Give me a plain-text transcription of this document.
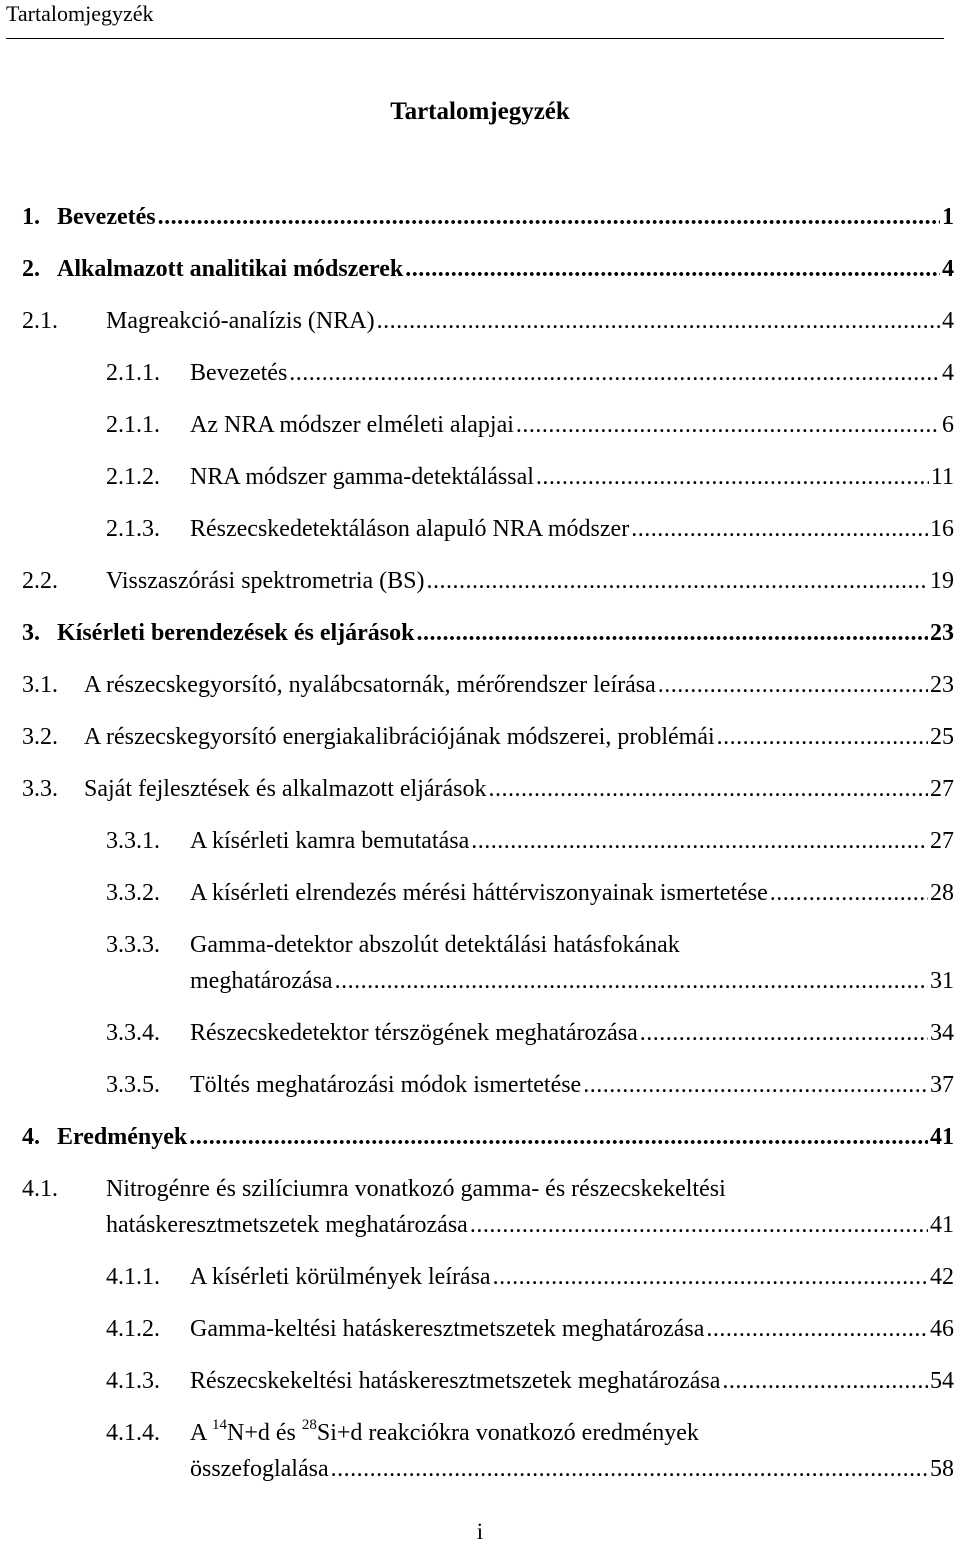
Tartalomjegyzék
Tartalomjegyzék
1. Bevezetés .....	1
2. Alkalmazott analitikai módszerek .....	4
2.1. Magreakció-analízis (NRA) .....	4
2.1.1. Bevezetés .....	4
2.1.1. Az NRA módszer elméleti alapjai .....	6
2.1.2. NRA módszer gamma-detektálással .....	11
2.1.3. Részecskedetektáláson alapuló NRA módszer .....	16
2.2. Visszaszórási spektrometria (BS) .....	19
3. Kísérleti berendezések és eljárások .....	23
3.1. A részecskegyorsító, nyalábcsatornák, mérőrendszer leírása .....	23
3.2. A részecskegyorsító energiakalibrációjának módszerei, problémái .....	25
3.3. Saját fejlesztések és alkalmazott eljárások .....	27
3.3.1. A kísérleti kamra bemutatása .....	27
3.3.2. A kísérleti elrendezés mérési háttérviszonyainak ismertetése .....	28
3.3.3. Gamma-detektor abszolút detektálási hatásfokának
meghatározása .....	31
3.3.4. Részecskedetektor térszögének meghatározása .....	34
3.3.5. Töltés meghatározási módok ismertetése .....	37
4. Eredmények .....	41
4.1. Nitrogénre és szilíciumra vonatkozó gamma- és részecskekeltési
hatáskeresztmetszetek meghatározása .....	41
4.1.1. A kísérleti körülmények leírása .....	42
4.1.2. Gamma-keltési hatáskeresztmetszetek meghatározása .....	46
4.1.3. Részecskekeltési hatáskeresztmetszetek meghatározása .....	54
4.1.4. A $^{14}$N+d és $^{28}$Si+d reakciókra vonatkozó eredmények
összefoglalása .....	58
i
